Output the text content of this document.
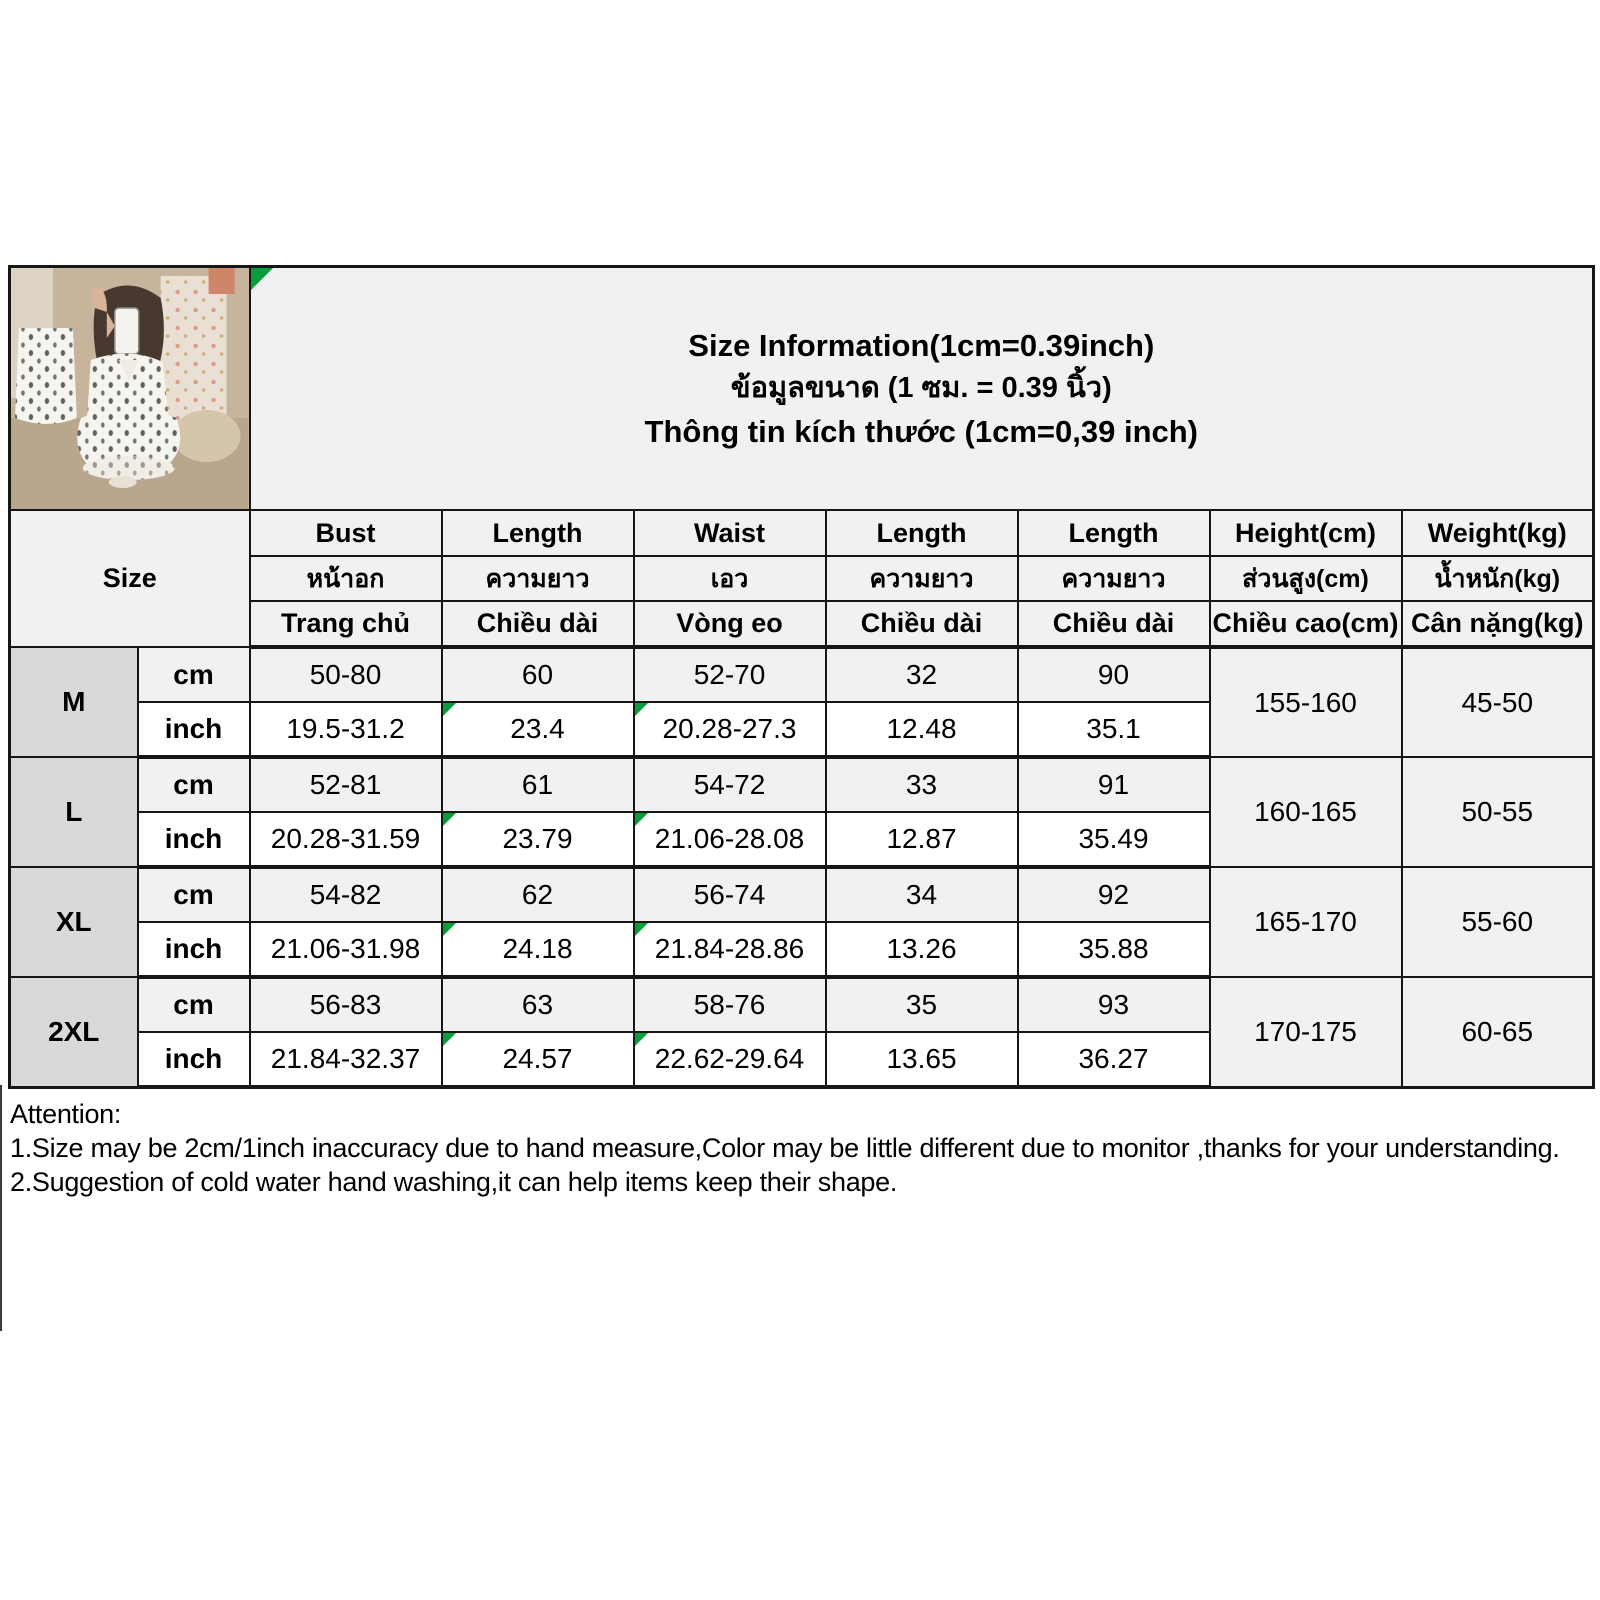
Size Information(1cm=0.39inch)
ข้อมูลขนาด (1 ซม. = 0.39 นิ้ว)
Thông tin kích thước (1cm=0,39 inch)						

Size		Bust	Length	Waist	Length	Length	Height(cm)	Weight(kg)
		หน้าอก	ความยาว	เอว	ความยาว	ความยาว	ส่วนสูง(cm)	น้ำหนัก(kg)
		Trang chủ	Chiều dài	Vòng eo	Chiều dài	Chiều dài	Chiều cao(cm)	Cân nặng(kg)
M	cm	50-80	60	52-70	32	90	155-160	45-50
	inch	19.5-31.2	23.4	20.28-27.3	12.48	35.1		
L	cm	52-81	61	54-72	33	91	160-165	50-55
	inch	20.28-31.59	23.79	21.06-28.08	12.87	35.49		
XL	cm	54-82	62	56-74	34	92	165-170	55-60
	inch	21.06-31.98	24.18	21.84-28.86	13.26	35.88		
2XL	cm	56-83	63	58-76	35	93	170-175	60-65
	inch	21.84-32.37	24.57	22.62-29.64	13.65	36.27		
Attention:
1.Size may be 2cm/1inch inaccuracy due to hand measure,Color may be little different due to monitor ,thanks for your understanding.
2.Suggestion of cold water hand washing,it can help items keep their shape.
